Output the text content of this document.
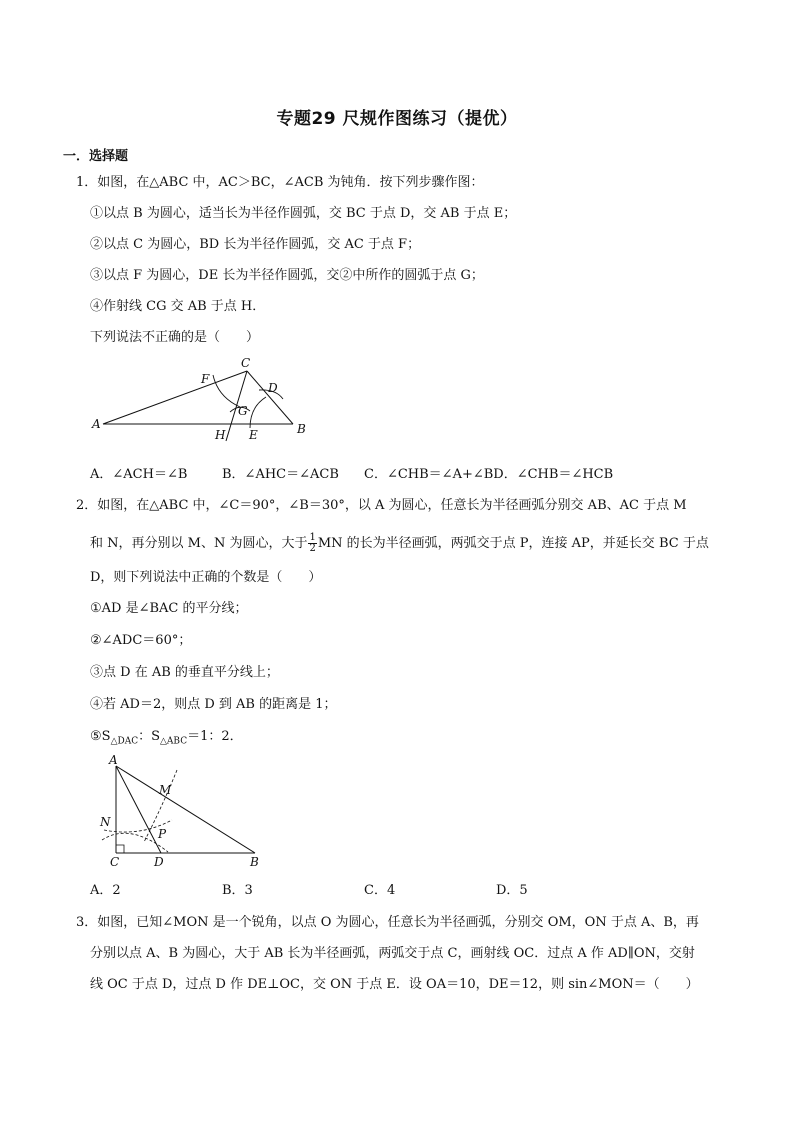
专题29 尺规作图练习（提优）
一．选择题
1．如图，在△ABC 中，AC＞BC，∠ACB 为钝角．按下列步骤作图：
①以点 B 为圆心，适当长为半径作圆弧，交 BC 于点 D，交 AB 于点 E；
②以点 C 为圆心，BD 长为半径作圆弧，交 AC 于点 F；
③以点 F 为圆心，DE 长为半径作圆弧，交②中所作的圆弧于点 G；
④作射线 CG 交 AB 于点 H．
下列说法不正确的是（　　）
A	B
C
D
E
F
G
H
A．∠ACH＝∠B	B．∠AHC＝∠ACB C．∠CHB＝∠A+∠BD．∠CHB＝∠HCB
2．如图，在△ABC 中，∠C＝90°，∠B＝30°，以 A 为圆心，任意长为半径画弧分别交 AB、AC 于点 M
和 N，再分别以 M、N 为圆心，大于 $\frac{1}{2}$ MN 的长为半径画弧，两弧交于点 P，连接 AP，并延长交 BC 于点
D，则下列说法中正确的个数是（　　）
①AD 是∠BAC 的平分线；
②∠ADC＝60°；
③点 D 在 AB 的垂直平分线上；
④若 AD＝2，则点 D 到 AB 的距离是 1；
$⑤S_{\triangle DAC}$：$S_{\triangle ABC}=1$：2．
A
B
C	D
M
N
P
A．2	B．3	C．4	D．5
3．如图，已知∠MON 是一个锐角，以点 O 为圆心，任意长为半径画弧，分别交 OM，ON 于点 A、B，再
分别以点 A、B 为圆心，大于 AB 长为半径画弧，两弧交于点 C，画射线 OC．过点 A 作 AD∥ON，交射
线 OC 于点 D，过点 D 作 DE⊥OC，交 ON 于点 E．设 OA＝10，DE＝12，则 sin∠MON＝（　　）
